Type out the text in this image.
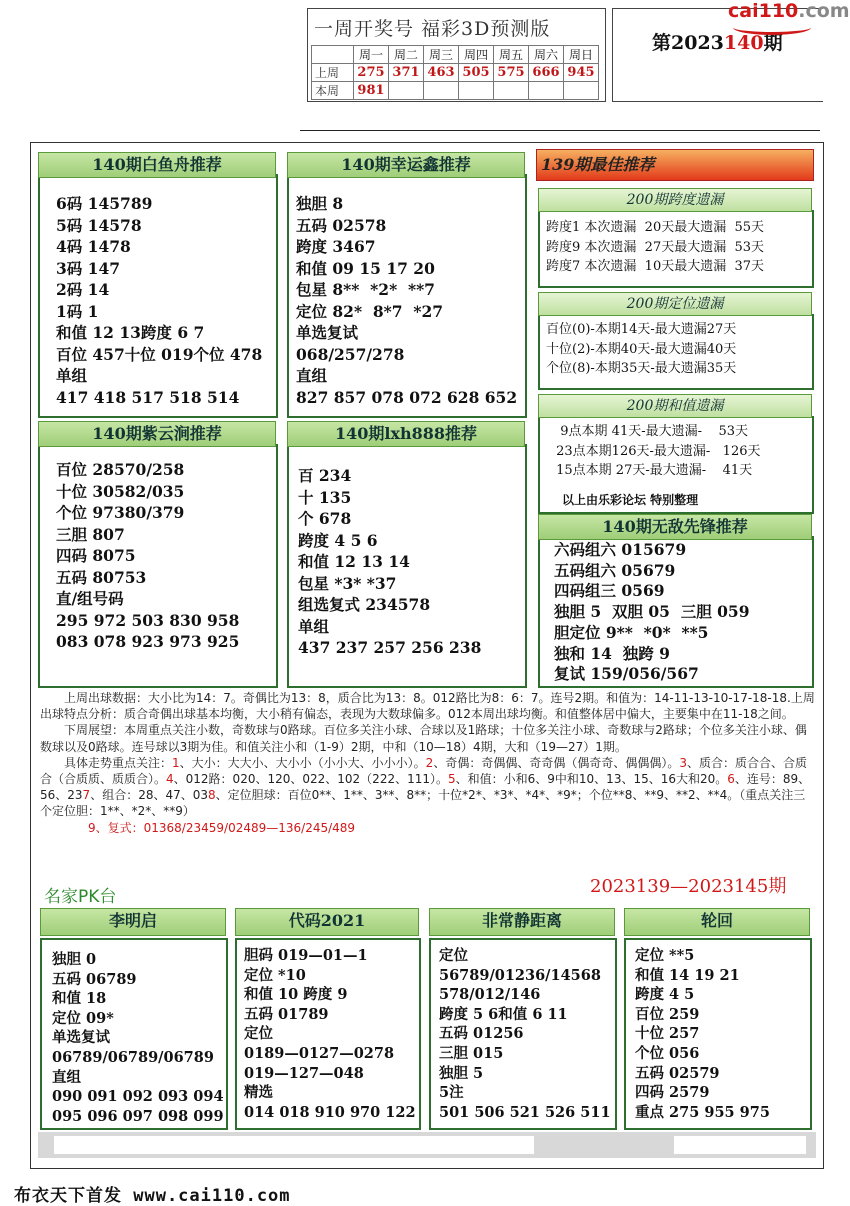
一周开奖号 福彩3D预测版
	周一	周二	周三	周四	周五	周六	周日
上周	275	371	463	505	575	666	945
本周	981						
第2023140期
cai110.com
140期白鱼舟推荐
6码 145789
5码 14578
4码 1478
3码 147
2码 14
1码 1
和值 12 13跨度 6 7
百位 457十位 019个位 478
单组
417 418 517 518 514
140期幸运鑫推荐
独胆 8
五码 02578
跨度 3467
和值 09 15 17 20
包星 8**  *2*  **7
定位 82*  8*7  *27
单选复试
068/257/278
直组
827 857 078 072 628 652
140期紫云涧推荐
百位 28570/258
十位 30582/035
个位 97380/379
三胆 807
四码 8075
五码 80753
直/组号码
295 972 503 830 958
083 078 923 973 925
140期lxh888推荐
百 234
十 135
个 678
跨度 4 5 6
和值 12 13 14
包星 *3* *37
组选复式 234578
单组
437 237 257 256 238
139期最佳推荐
200期跨度遗漏
跨度1 本次遗漏  20天最大遗漏  55天
跨度9 本次遗漏  27天最大遗漏  53天
跨度7 本次遗漏  10天最大遗漏  37天
200期定位遗漏
百位(0)-本期14天-最大遗漏27天
十位(2)-本期40天-最大遗漏40天
个位(8)-本期35天-最大遗漏35天
200期和值遗漏
9点本期 41天-最大遗漏-    53天
23点本期126天-最大遗漏-   126天
15点本期 27天-最大遗漏-    41天
以上由乐彩论坛 特别整理
140期无敌先锋推荐
六码组六 015679
五码组六 05679
四码组三 0569
独胆 5  双胆 05  三胆 059
胆定位 9**  *0*  **5
独和 14  独跨 9
复试 159/056/567

　　上周出球数据：大小比为14：7。奇偶比为13：8，质合比为13：8。012路比为8：6：7。连号2期。和值为：14-11-13-10-17-18-18.上周出球特点分析：质合奇偶出球基本均衡，大小稍有偏态，表现为大数球偏多。012本周出球均衡。和值整体居中偏大，主要集中在11-18之间。

　　下周展望：本周重点关注小数，奇数球与0路球。百位多关注小球、合球以及1路球；十位多关注小球、奇数球与2路球；个位多关注小球、偶数球以及0路球。连号球以3期为佳。和值关注小和（1-9）2期，中和（10—18）4期，大和（19—27）1期。

　　具体走势重点关注：1、大小：大大小、大小小（小小大、小小小）。2、奇偶：奇偶偶、奇奇偶（偶奇奇、偶偶偶）。3、质合：质合合、合质合（合质质、质质合）。4、012路：020、120、022、102（222、111）。5、和值：小和6、9中和10、13、15、16大和20。6、连号：89、56、237、组合：28、47、038、定位胆球：百位0**、1**、3**、8**；十位*2*、*3*、*4*、*9*；个位**8、**9、**2、**4。（重点关注三个定位胆：1**、*2*、**9）

　　　　9、复式：01368/23459/02489—136/245/489

名家PK台	2023139—2023145期
李明启
独胆 0
五码 06789
和值 18
定位 09*
单选复试
06789/06789/06789
直组
090 091 092 093 094
095 096 097 098 099
代码2021
胆码 019—01—1
定位 *10
和值 10 跨度 9
五码 01789
定位
0189—0127—0278
019—127—048
精选
014 018 910 970 122
非常静距离
定位
56789/01236/14568
578/012/146
跨度 5 6和值 6 11
五码 01256
三胆 015
独胆 5
5注
501 506 521 526 511
轮回
定位 **5
和值 14 19 21
跨度 4 5
百位 259
十位 257
个位 056
五码 02579
四码 2579
重点 275 955 975
布衣天下首发 www.cai110.com
